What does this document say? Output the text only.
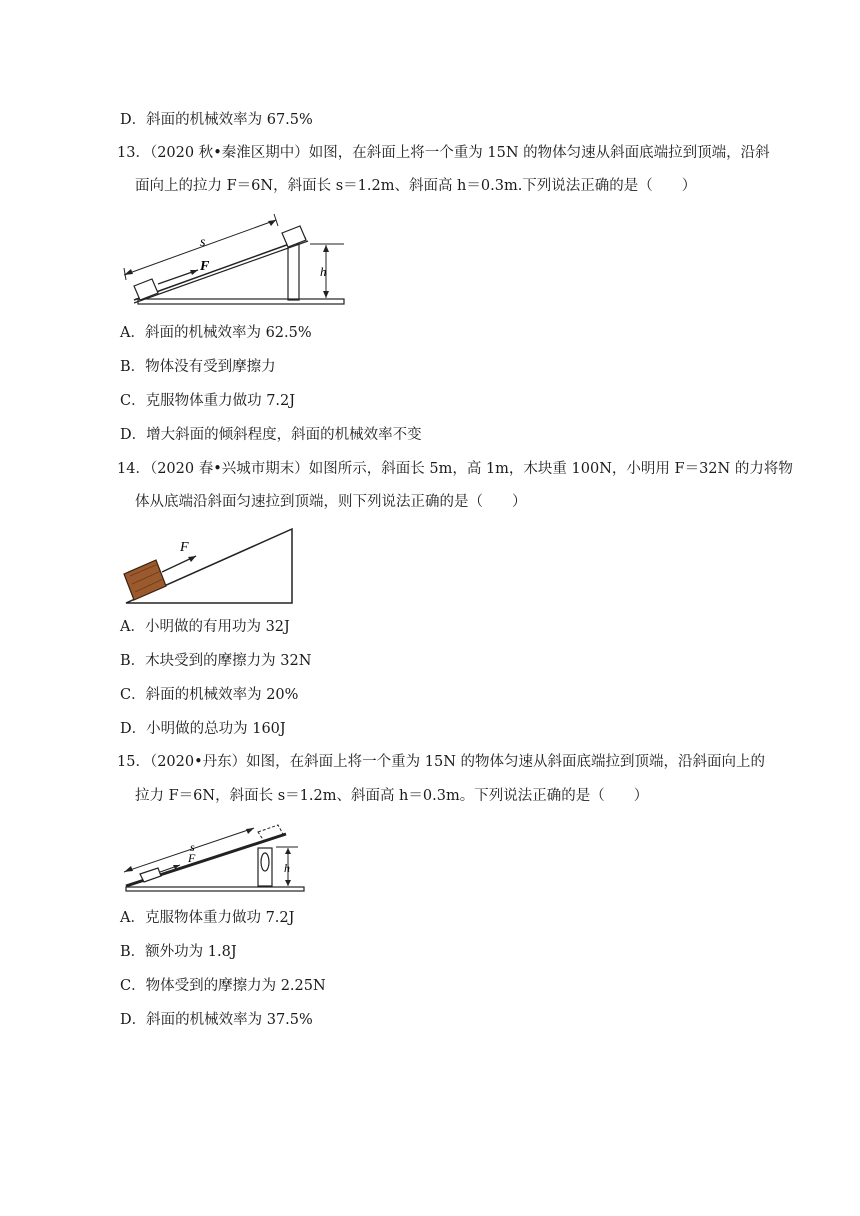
D．斜面的机械效率为 67.5%
13．（2020 秋•秦淮区期中）如图，在斜面上将一个重为 15N 的物体匀速从斜面底端拉到顶端，沿斜
面向上的拉力 F＝6N，斜面长 s＝1.2m、斜面高 h＝0.3m.下列说法正确的是（　　）
s
F	h
A．斜面的机械效率为 62.5%
B．物体没有受到摩擦力
C．克服物体重力做功 7.2J
D．增大斜面的倾斜程度，斜面的机械效率不变
14．（2020 春•兴城市期末）如图所示，斜面长 5m，高 1m，木块重 100N，小明用 F＝32N 的力将物
体从底端沿斜面匀速拉到顶端，则下列说法正确的是（　　）
F
A．小明做的有用功为 32J
B．木块受到的摩擦力为 32N
C．斜面的机械效率为 20%
D．小明做的总功为 160J
15．（2020•丹东）如图，在斜面上将一个重为 15N 的物体匀速从斜面底端拉到顶端，沿斜面向上的
拉力 F＝6N，斜面长 s＝1.2m、斜面高 h＝0.3m。下列说法正确的是（　　）
s
F
h
A．克服物体重力做功 7.2J
B．额外功为 1.8J
C．物体受到的摩擦力为 2.25N
D．斜面的机械效率为 37.5%
